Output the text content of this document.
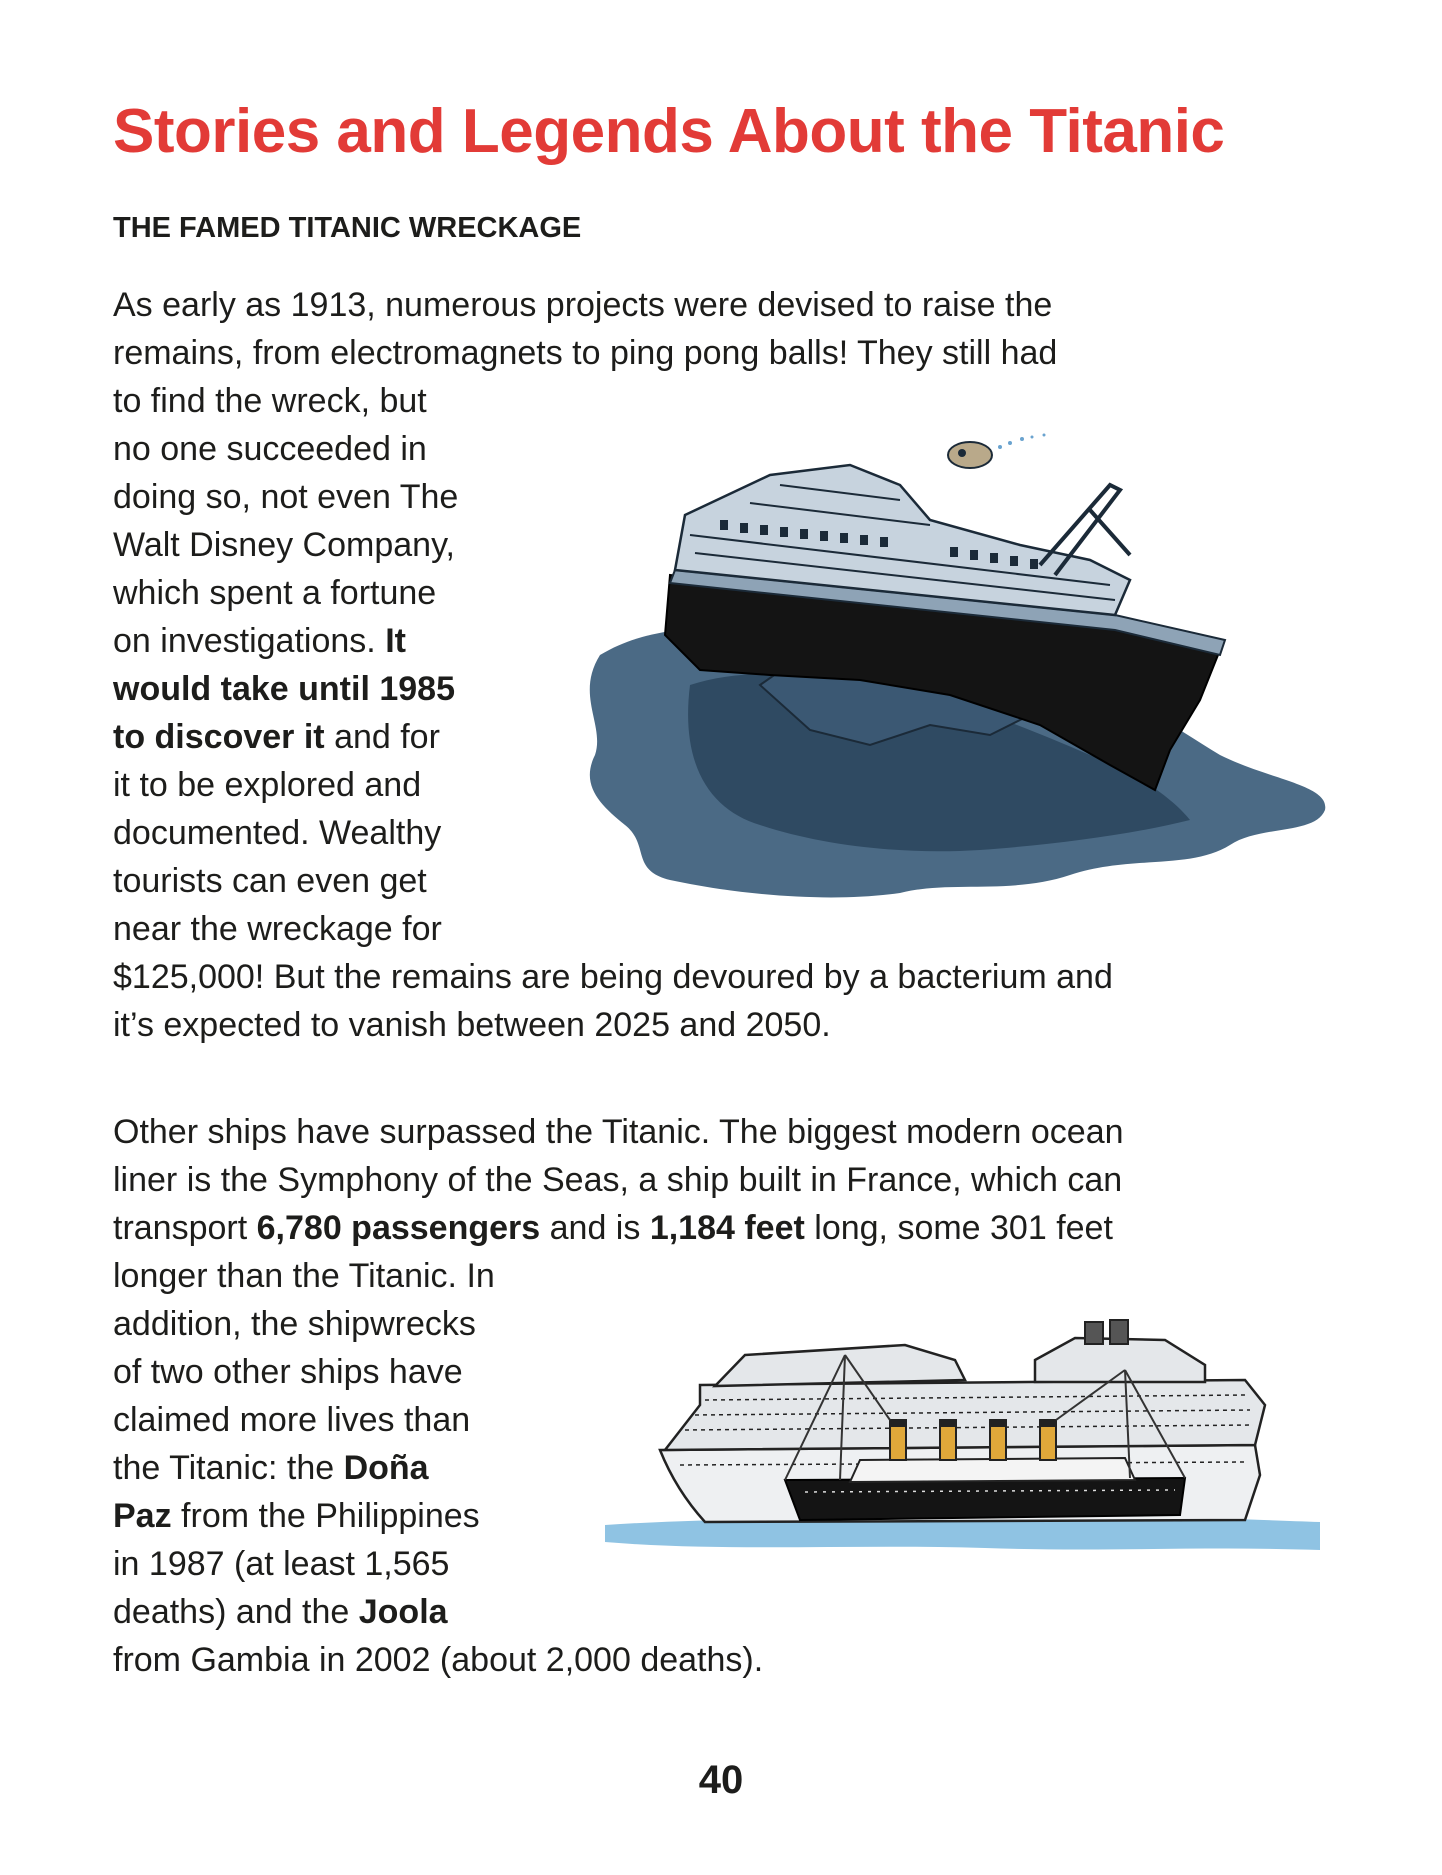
Stories and Legends About the Titanic
THE FAMED TITANIC WRECKAGE
As early as 1913, numerous projects were devised to raise the
remains, from electromagnets to ping pong balls! They still had
to find the wreck, but
no one succeeded in
doing so, not even The
Walt Disney Company,
which spent a fortune
on investigations. It
would take until 1985
to discover it and for
it to be explored and
documented. Wealthy
tourists can even get
near the wreckage for
$125,000! But the remains are being devoured by a bacterium and
it’s expected to vanish between 2025 and 2050.
Other ships have surpassed the Titanic. The biggest modern ocean
liner is the Symphony of the Seas, a ship built in France, which can
transport 6,780 passengers and is 1,184 feet long, some 301 feet
longer than the Titanic. In
addition, the shipwrecks
of two other ships have
claimed more lives than
the Titanic: the Doña
Paz from the Philippines
in 1987 (at least 1,565
deaths) and the Joola
from Gambia in 2002 (about 2,000 deaths).
40
